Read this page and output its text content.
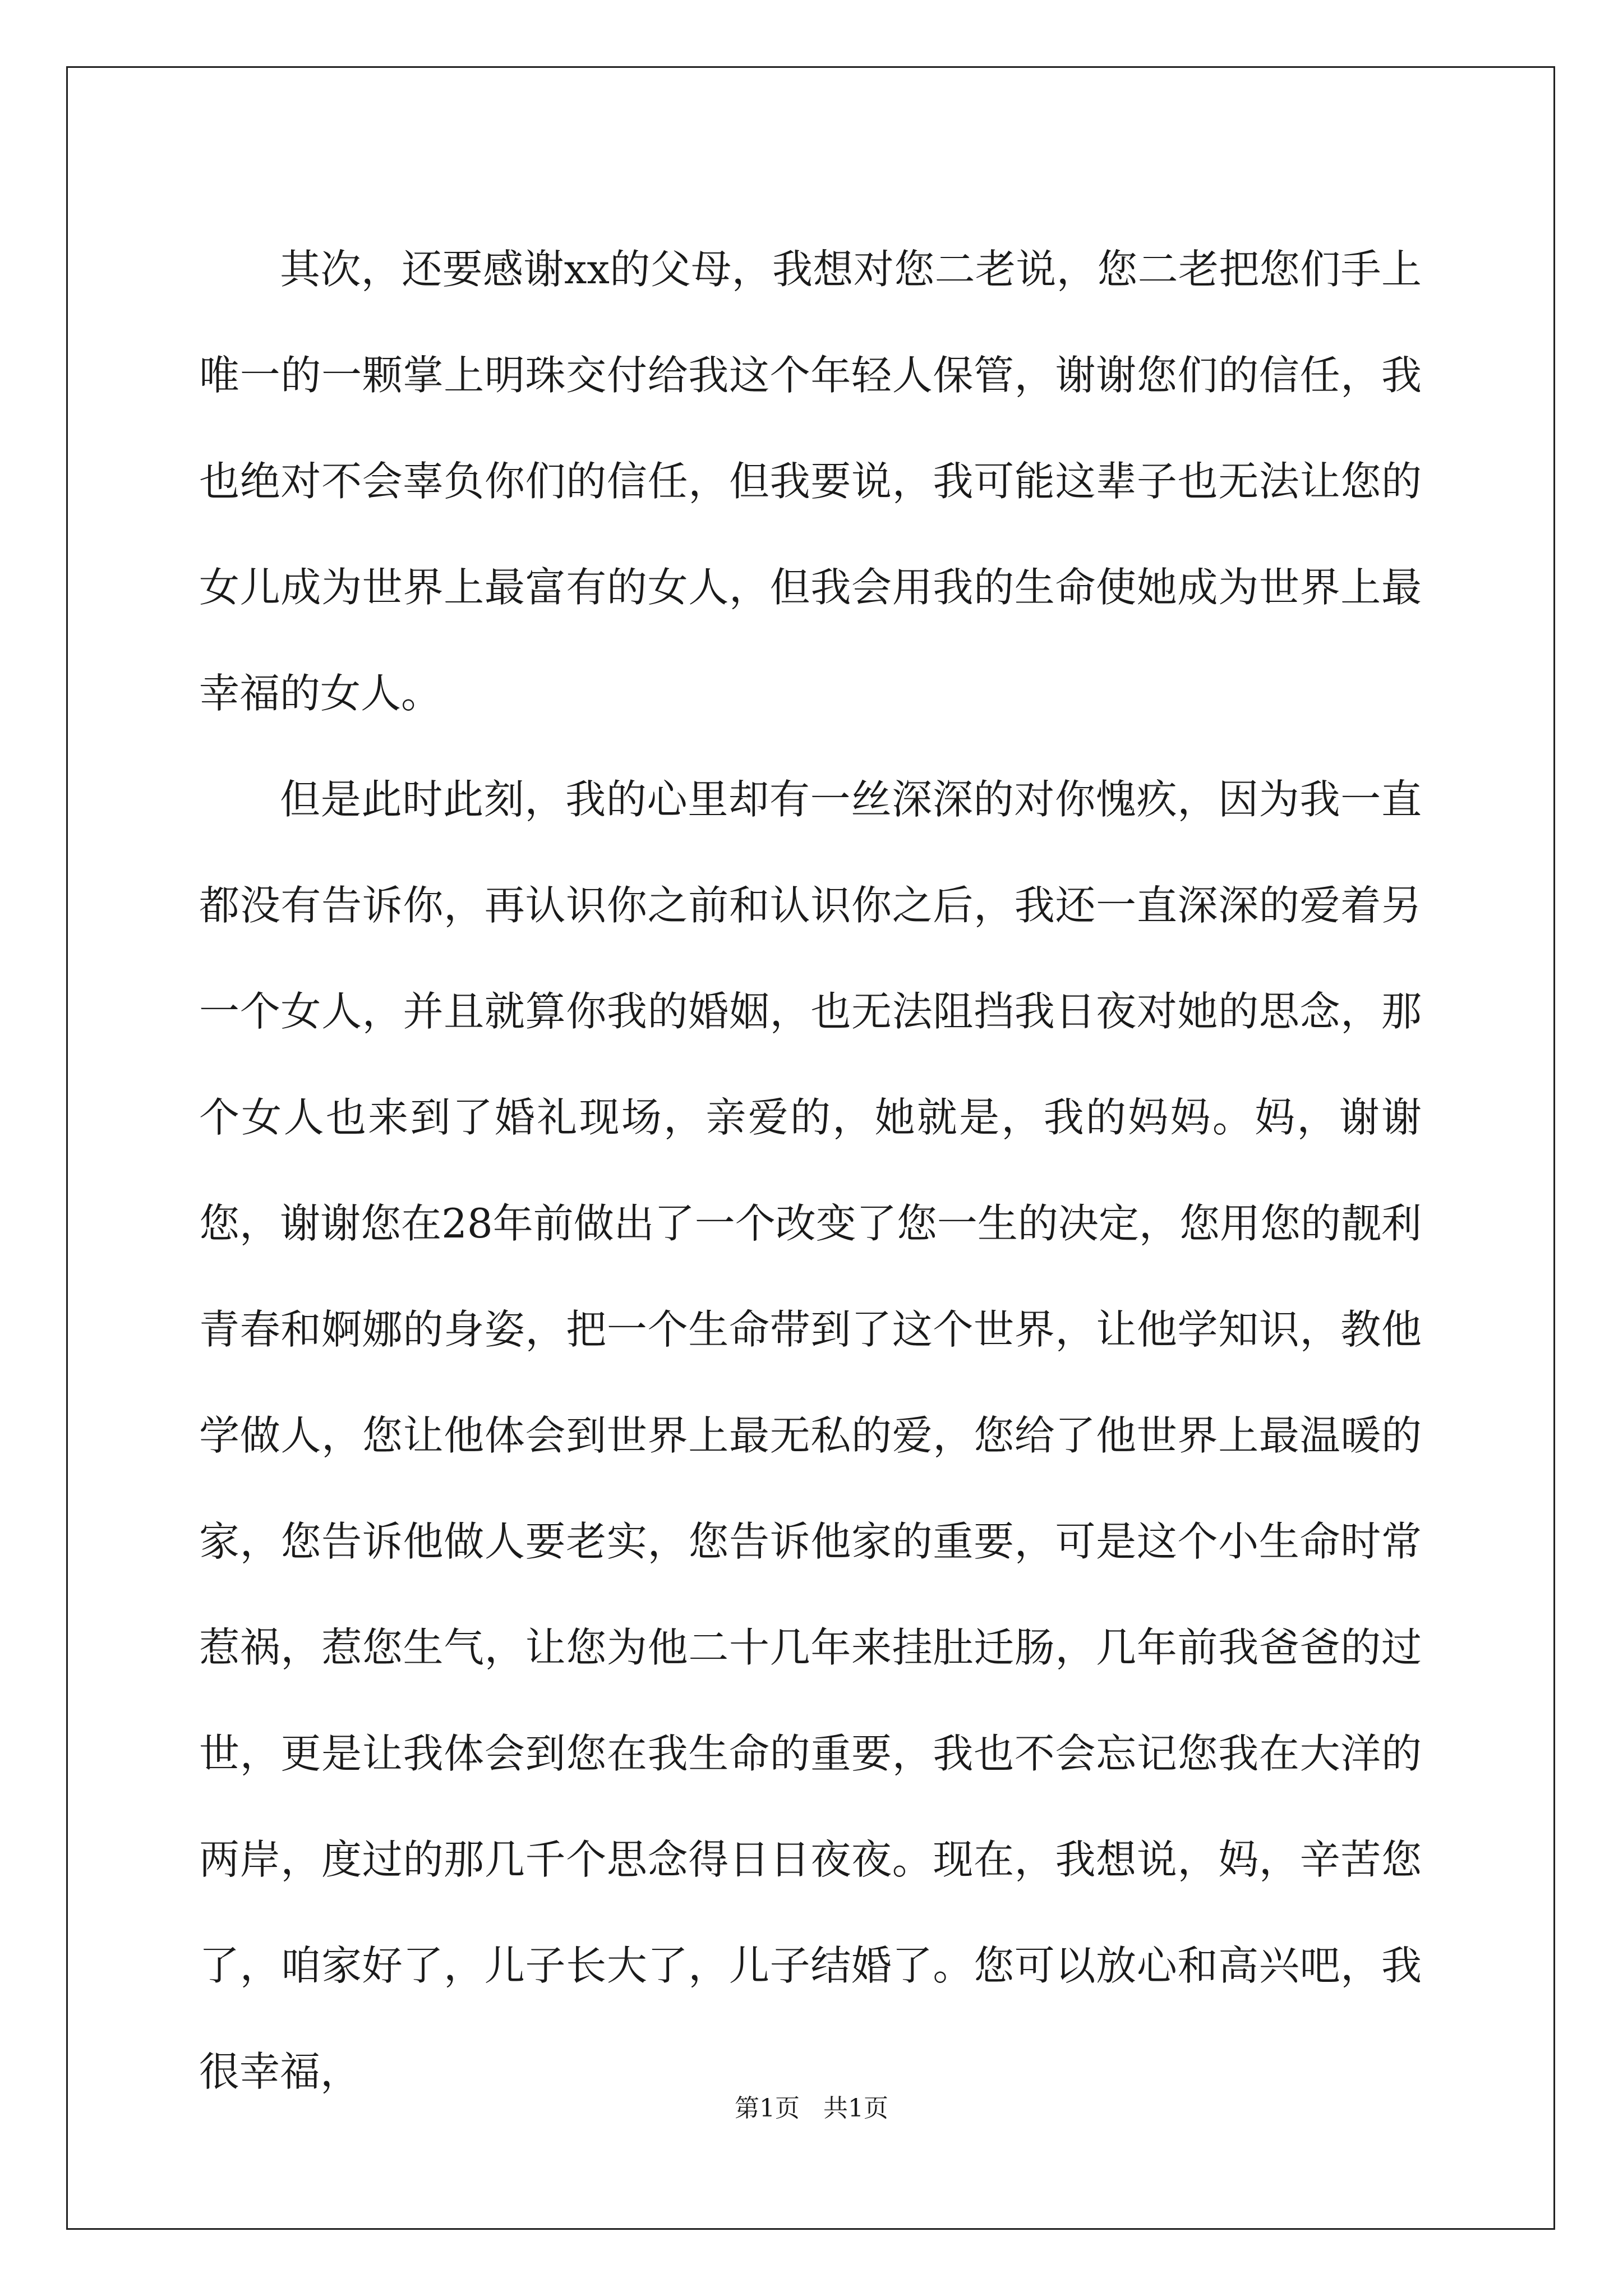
其次，还要感谢xx的父母，我想对您二老说，您二老把您们手上唯一的一颗掌上明珠交付给我这个年轻人保管，谢谢您们的信任，我也绝对不会辜负你们的信任，但我要说，我可能这辈子也无法让您的女儿成为世界上最富有的女人，但我会用我的生命使她成为世界上最幸福的女人。

但是此时此刻，我的心里却有一丝深深的对你愧疚，因为我一直都没有告诉你，再认识你之前和认识你之后，我还一直深深的爱着另一个女人，并且就算你我的婚姻，也无法阻挡我日夜对她的思念，那个女人也来到了婚礼现场，亲爱的，她就是，我的妈妈。妈，谢谢您，谢谢您在28年前做出了一个改变了您一生的决定，您用您的靓利青春和婀娜的身姿，把一个生命带到了这个世界，让他学知识，教他学做人，您让他体会到世界上最无私的爱，您给了他世界上最温暖的家，您告诉他做人要老实，您告诉他家的重要，可是这个小生命时常惹祸，惹您生气，让您为他二十几年来挂肚迁肠，几年前我爸爸的过世，更是让我体会到您在我生命的重要，我也不会忘记您我在大洋的两岸，度过的那几千个思念得日日夜夜。现在，我想说，妈，辛苦您了，咱家好了，儿子长大了，儿子结婚了。您可以放心和高兴吧，我很幸福，

第1页   共1页
